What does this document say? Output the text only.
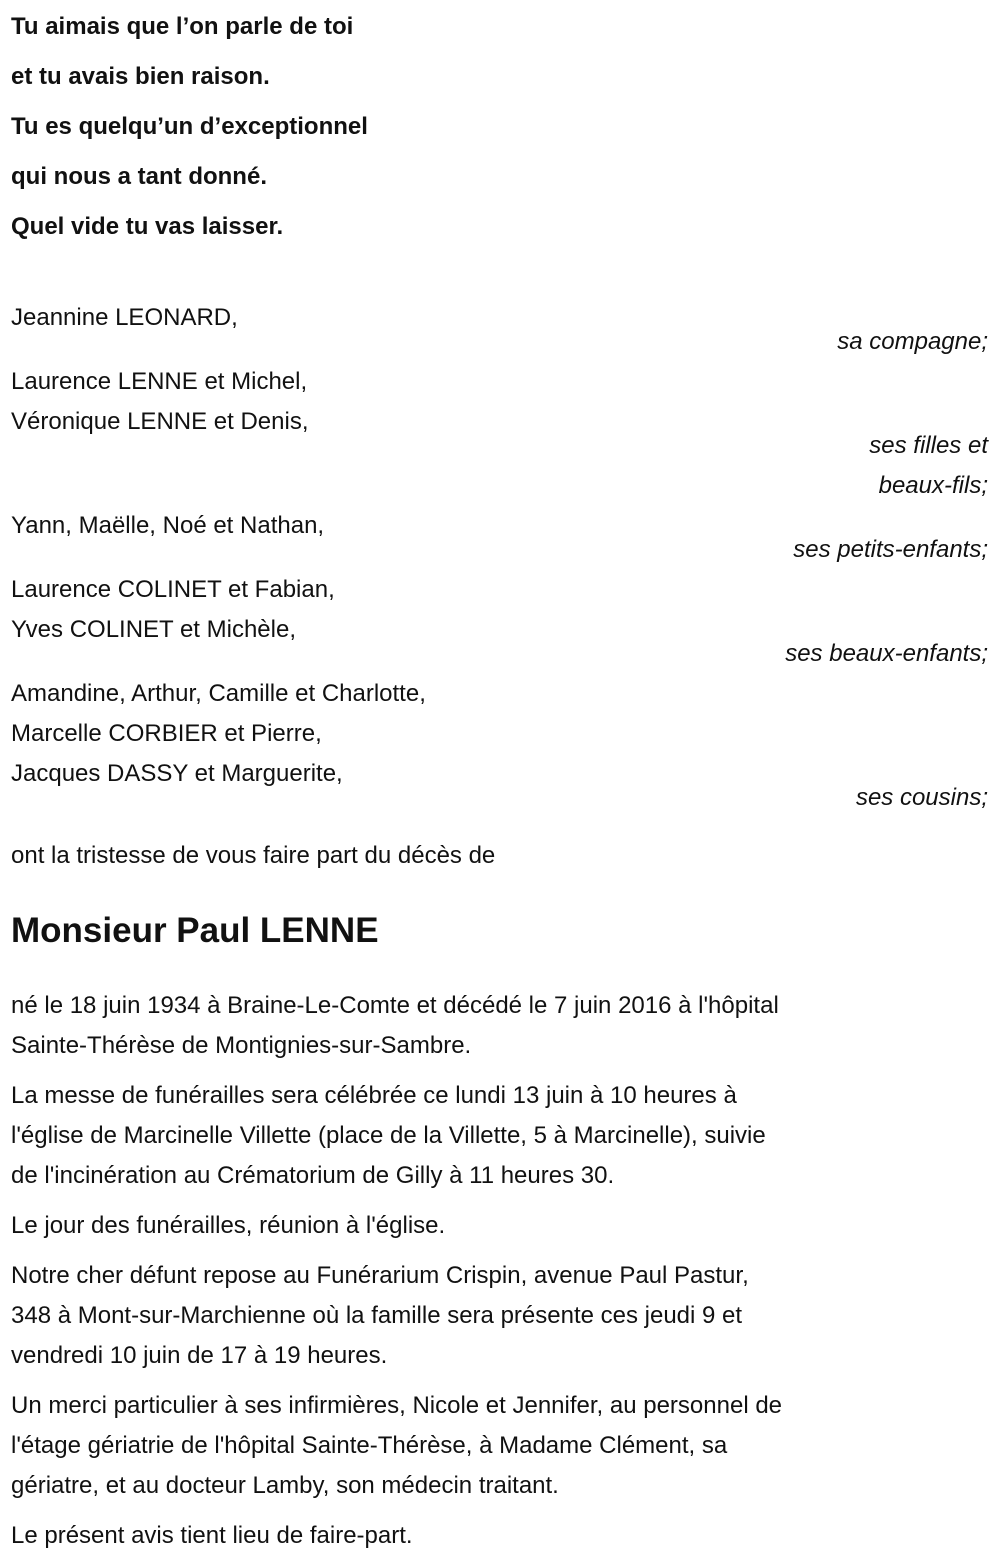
Tu aimais que l’on parle de toi
et tu avais bien raison.
Tu es quelqu’un d’exceptionnel
qui nous a tant donné.
Quel vide tu vas laisser.
Jeannine LEONARD,
sa compagne;
Laurence LENNE et Michel,
Véronique LENNE et Denis,
ses filles et
beaux-fils;
Yann, Maëlle, Noé et Nathan,
ses petits-enfants;
Laurence COLINET et Fabian,
Yves COLINET et Michèle,
ses beaux-enfants;
Amandine, Arthur, Camille et Charlotte,
Marcelle CORBIER et Pierre,
Jacques DASSY et Marguerite,
ses cousins;
ont la tristesse de vous faire part du décès de
Monsieur Paul LENNE
né le 18 juin 1934 à Braine-Le-Comte et décédé le 7 juin 2016 à l'hôpital
Sainte-Thérèse de Montignies-sur-Sambre.
La messe de funérailles sera célébrée ce lundi 13 juin à 10 heures à
l'église de Marcinelle Villette (place de la Villette, 5 à Marcinelle), suivie
de l'incinération au Crématorium de Gilly à 11 heures 30.
Le jour des funérailles, réunion à l'église.
Notre cher défunt repose au Funérarium Crispin, avenue Paul Pastur,
348 à Mont-sur-Marchienne où la famille sera présente ces jeudi 9 et
vendredi 10 juin de 17 à 19 heures.
Un merci particulier à ses infirmières, Nicole et Jennifer, au personnel de
l'étage gériatrie de l'hôpital Sainte-Thérèse, à Madame Clément, sa
gériatre, et au docteur Lamby, son médecin traitant.
Le présent avis tient lieu de faire-part.
